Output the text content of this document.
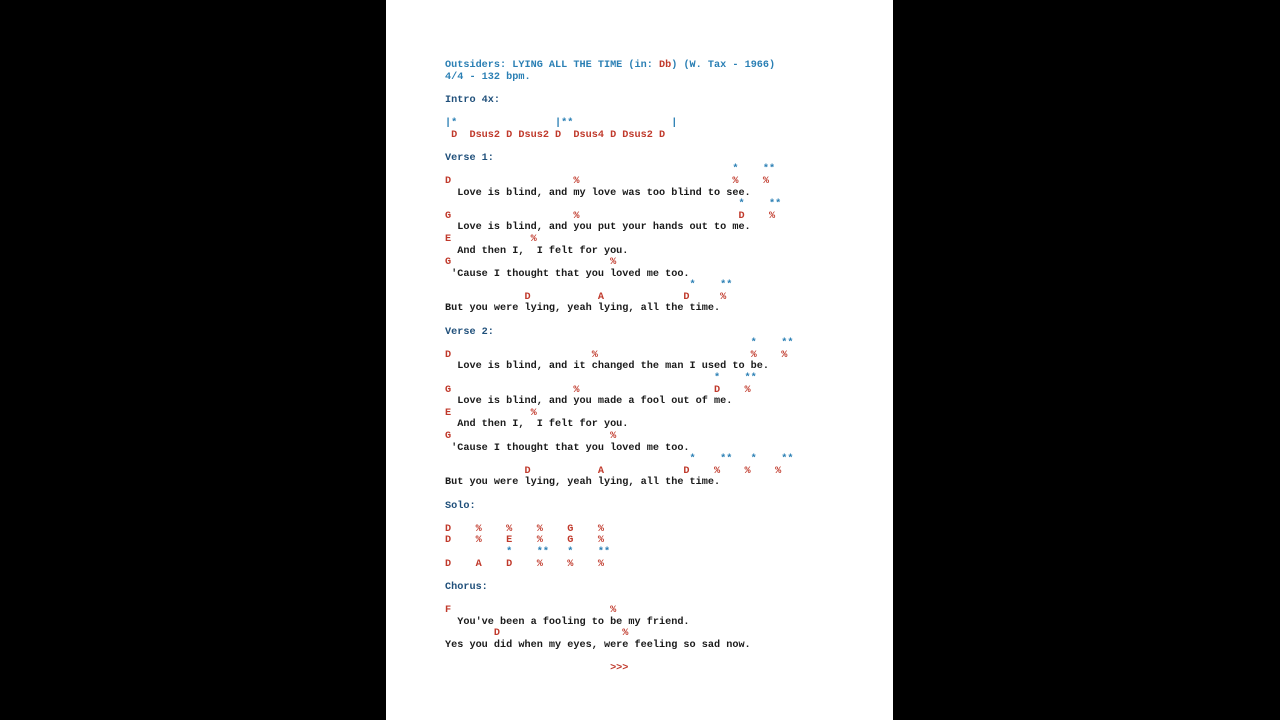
Outsiders: LYING ALL THE TIME (in: Db) (W. Tax - 1966)
4/4 - 132 bpm.

Intro 4x:

|*                |**                |
D  Dsus2 D Dsus2 D  Dsus4 D Dsus2 D

Verse 1:
*    **
D                    %                         %    %
Love is blind, and my love was too blind to see.
*    **
G                    %                          D    %
Love is blind, and you put your hands out to me.
E             %
And then I,  I felt for you.
G                          %
'Cause I thought that you loved me too.
*    **
D           A             D     %
But you were lying, yeah lying, all the time.

Verse 2:
*    **
D                       %                         %    %
Love is blind, and it changed the man I used to be.
*    **
G                    %                      D    %
Love is blind, and you made a fool out of me.
E             %
And then I,  I felt for you.
G                          %
'Cause I thought that you loved me too.
*    **   *    **
D           A             D    %    %    %
But you were lying, yeah lying, all the time.

Solo:

D    %    %    %    G    %
D    %    E    %    G    %
*    **   *    **
D    A    D    %    %    %

Chorus:

F                          %
You've been a fooling to be my friend.
D                    %
Yes you did when my eyes, were feeling so sad now.

>>>
